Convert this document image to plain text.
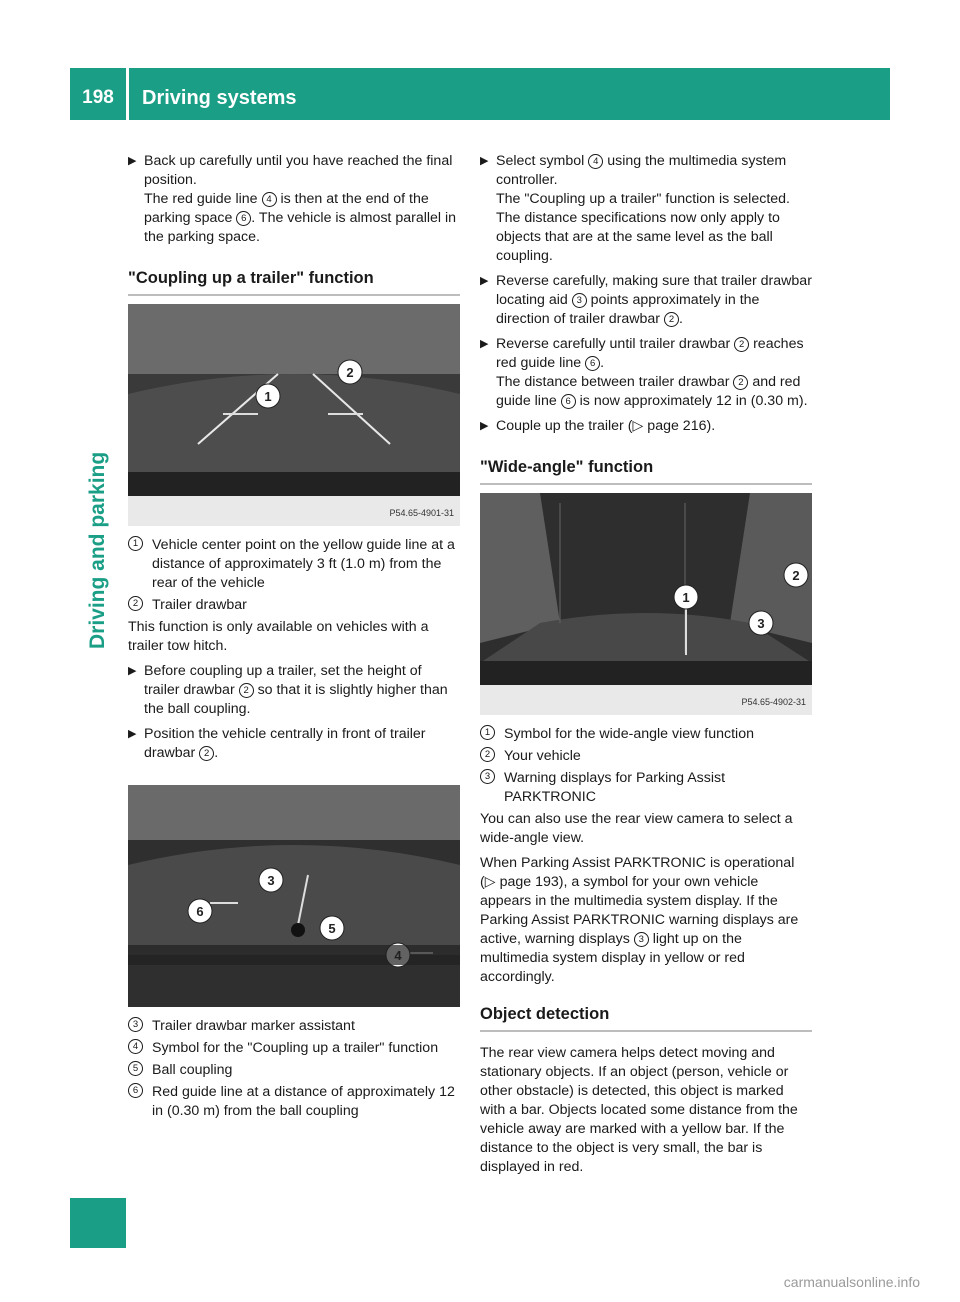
198	Driving systems
Driving and parking
▶ Back up carefully until you have reached the final position.
The red guide line 4 is then at the end of the parking space 6 . The vehicle is almost parallel in the parking space.
"Coupling up a trailer" function
1
2
P54.65-4901-31
1 Vehicle center point on the yellow guide line at a distance of approximately 3 ft (1.0 m) from the rear of the vehicle
2 Trailer drawbar

This function is only available on vehicles with a trailer tow hitch.

▶ Before coupling up a trailer, set the height of trailer drawbar 2 so that it is slightly higher than the ball coupling.
▶ Position the vehicle centrally in front of trailer drawbar 2 .
3
6
5
3 Trailer drawbar marker assistant
4 Symbol for the "Coupling up a trailer" function
5 Ball coupling
6 Red guide line at a distance of approximately 12 in (0.30 m) from the ball coupling
▶ Select symbol 4 using the multimedia system controller.
The "Coupling up a trailer" function is selected. The distance specifications now only apply to objects that are at the same level as the ball coupling.
▶ Reverse carefully, making sure that trailer drawbar locating aid 3 points approximately in the direction of trailer drawbar 2 .
▶ Reverse carefully until trailer drawbar 2 reaches red guide line 6 .
The distance between trailer drawbar 2 and red guide line 6 is now approximately 12 in (0.30 m).
▶ Couple up the trailer (▷ page 216).
"Wide-angle" function
1
2
3
P54.65-4902-31
1 Symbol for the wide-angle view function
2 Your vehicle
3 Warning displays for Parking Assist PARKTRONIC

You can also use the rear view camera to select a wide-angle view.

When Parking Assist PARKTRONIC is operational (▷ page 193), a symbol for your own vehicle appears in the multimedia system display. If the Parking Assist PARKTRONIC warning displays are active, warning displays 3 light up on the multimedia system display in yellow or red accordingly.

Object detection

The rear view camera helps detect moving and stationary objects. If an object (person, vehicle or other obstacle) is detected, this object is marked with a bar. Objects located some distance from the vehicle away are marked with a yellow bar. If the distance to the object is very small, the bar is displayed in red.

carmanualsonline.info
